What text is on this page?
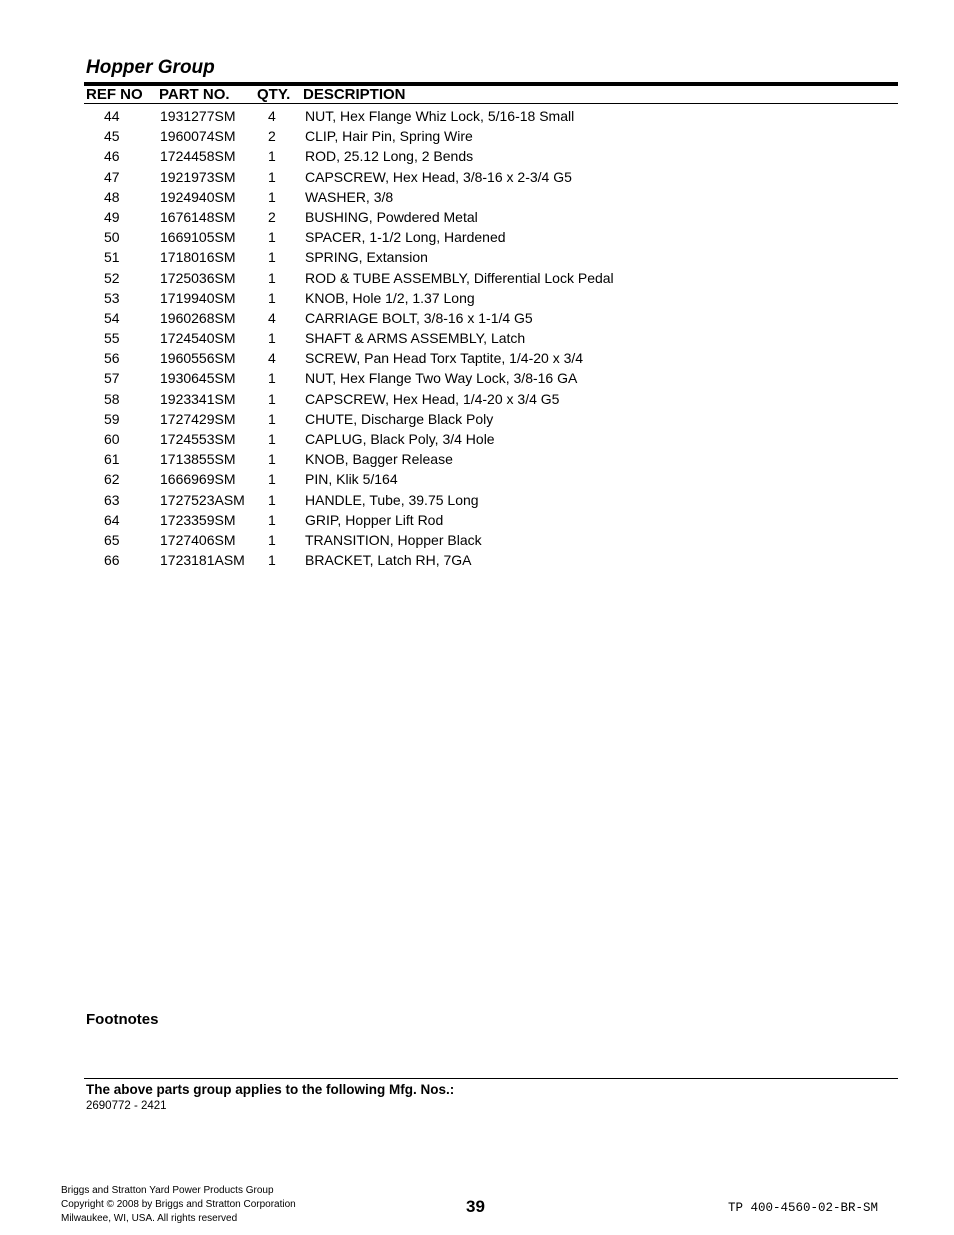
Hopper Group
REF NO PART NO. QTY. DESCRIPTION
44	1931277SM 4 NUT, Hex Flange Whiz Lock, 5/16-18 Small
45	1960074SM 2 CLIP, Hair Pin, Spring Wire
46	1724458SM 1 ROD, 25.12 Long, 2 Bends
47	1921973SM 1 CAPSCREW, Hex Head, 3/8-16 x 2-3/4 G5
48	1924940SM 1 WASHER, 3/8
49	1676148SM 2 BUSHING, Powdered Metal
50	1669105SM 1 SPACER, 1-1/2 Long, Hardened
51	1718016SM 1 SPRING, Extansion
52	1725036SM 1 ROD & TUBE ASSEMBLY, Differential Lock Pedal
53	1719940SM 1 KNOB, Hole 1/2, 1.37 Long
54	1960268SM 4 CARRIAGE BOLT, 3/8-16 x 1-1/4 G5
55	1724540SM 1 SHAFT & ARMS ASSEMBLY, Latch
56	1960556SM 4 SCREW, Pan Head Torx Taptite, 1/4-20 x 3/4
57	1930645SM 1 NUT, Hex Flange Two Way Lock, 3/8-16 GA
58	1923341SM 1 CAPSCREW, Hex Head, 1/4-20 x 3/4 G5
59	1727429SM 1 CHUTE, Discharge Black Poly
60	1724553SM 1 CAPLUG, Black Poly, 3/4 Hole
61	1713855SM 1 KNOB, Bagger Release
62	1666969SM 1 PIN, Klik 5/164
63	1727523ASM 1 HANDLE, Tube, 39.75 Long
64	1723359SM 1 GRIP, Hopper Lift Rod
65	1727406SM 1 TRANSITION, Hopper Black
66	1723181ASM 1 BRACKET, Latch RH, 7GA
Footnotes
The above parts group applies to the following Mfg. Nos.:
2690772 - 2421
Briggs and Stratton Yard Power Products Group
Copyright © 2008 by Briggs and Stratton Corporation
Milwaukee, WI, USA. All rights reserved
39	TP 400-4560-02-BR-SM
